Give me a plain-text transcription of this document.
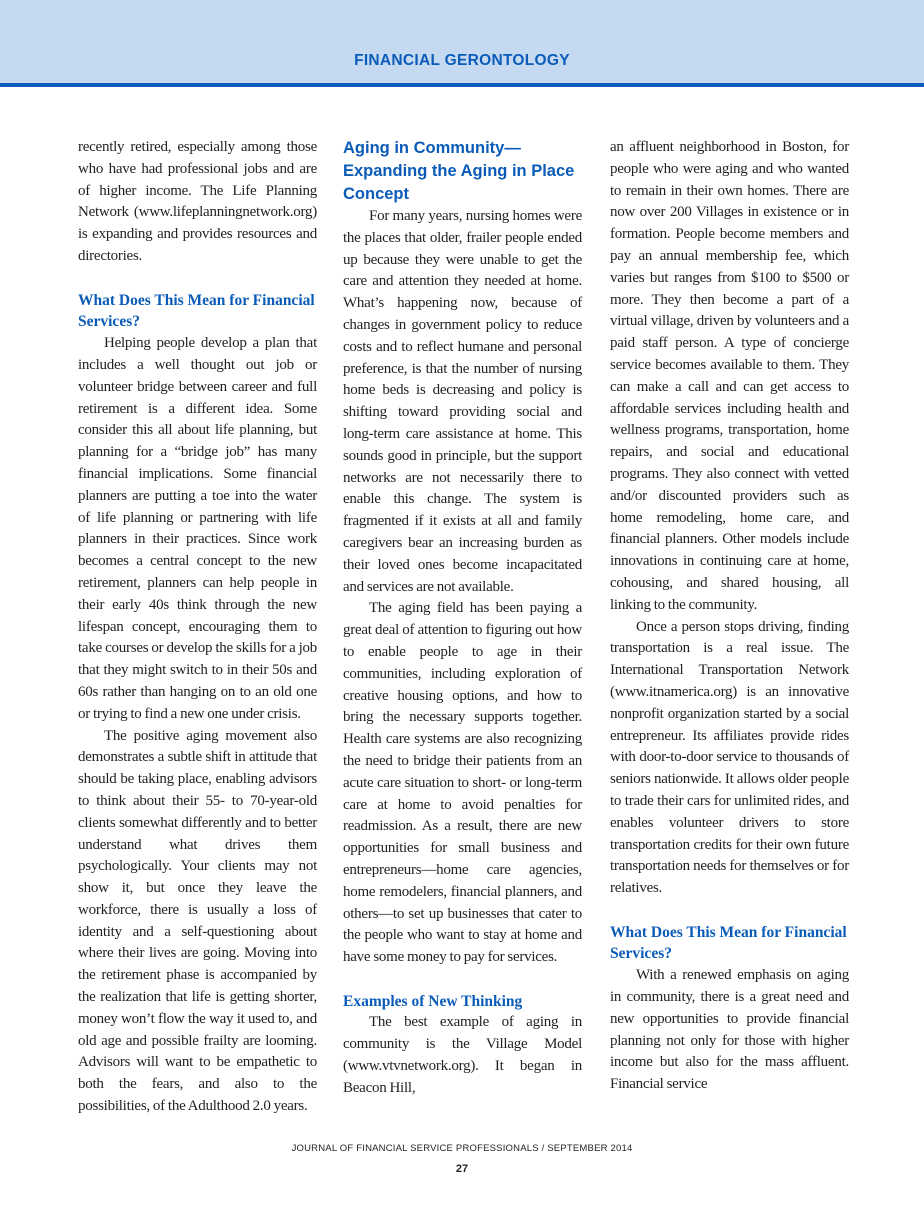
FINANCIAL GERONTOLOGY

recently retired, especially among those who have had professional jobs and are of higher income. The Life Planning Network (www.lifeplanningnetwork.org) is expanding and provides resources and directories.

What Does This Mean for Financial Services?

Helping people develop a plan that includes a well thought out job or volunteer bridge between career and full retirement is a different idea. Some consider this all about life planning, but planning for a “bridge job” has many financial implications. Some financial planners are putting a toe into the water of life planning or partnering with life planners in their practices. Since work becomes a central concept to the new retirement, planners can help people in their early 40s think through the new lifespan concept, encouraging them to take courses or develop the skills for a job that they might switch to in their 50s and 60s rather than hanging on to an old one or trying to find a new one under crisis.

The positive aging movement also demonstrates a subtle shift in attitude that should be taking place, enabling advisors to think about their 55- to 70-year-old clients somewhat differently and to better understand what drives them psychologically. Your clients may not show it, but once they leave the workforce, there is usually a loss of identity and a self-questioning about where their lives are going. Moving into the retirement phase is accompanied by the realization that life is getting shorter, money won’t flow the way it used to, and old age and possible frailty are looming. Advisors will want to be empathetic to both the fears, and also to the possibilities, of the Adulthood 2.0 years.

Aging in Community—Expanding the Aging in Place Concept

For many years, nursing homes were the places that older, frailer people ended up because they were unable to get the care and attention they needed at home. What’s happening now, because of changes in government policy to reduce costs and to reflect humane and personal preference, is that the number of nursing home beds is decreasing and policy is shifting toward providing social and long-term care assistance at home. This sounds good in principle, but the support networks are not necessarily there to enable this change. The system is fragmented if it exists at all and family caregivers bear an increasing burden as their loved ones become incapacitated and services are not available.

The aging field has been paying a great deal of attention to figuring out how to enable people to age in their communities, including exploration of creative housing options, and how to bring the necessary supports together. Health care systems are also recognizing the need to bridge their patients from an acute care situation to short- or long-term care at home to avoid penalties for readmission. As a result, there are new opportunities for small business and entrepreneurs—home care agencies, home remodelers, financial planners, and others—to set up businesses that cater to the people who want to stay at home and have some money to pay for services.

Examples of New Thinking

The best example of aging in community is the Village Model (www.vtvnetwork.org). It began in Beacon Hill,

an affluent neighborhood in Boston, for people who were aging and who wanted to remain in their own homes. There are now over 200 Villages in existence or in formation. People become members and pay an annual membership fee, which varies but ranges from $100 to $500 or more. They then become a part of a virtual village, driven by volunteers and a paid staff person. A type of concierge service becomes available to them. They can make a call and can get access to affordable services including health and wellness programs, transportation, home repairs, and social and educational programs. They also connect with vetted and/or discounted providers such as home remodeling, home care, and financial planners. Other models include innovations in continuing care at home, cohousing, and shared housing, all linking to the community.

Once a person stops driving, finding transportation is a real issue. The International Transportation Network (www.itnamerica.org) is an innovative nonprofit organization started by a social entrepreneur. Its affiliates provide rides with door-to-door service to thousands of seniors nationwide. It allows older people to trade their cars for unlimited rides, and enables volunteer drivers to store transportation credits for their own future transportation needs for themselves or for relatives.

What Does This Mean for Financial Services?

With a renewed emphasis on aging in community, there is a great need and new opportunities to provide financial planning not only for those with higher income but also for the mass affluent. Financial service

JOURNAL OF FINANCIAL SERVICE PROFESSIONALS / SEPTEMBER 2014
27
